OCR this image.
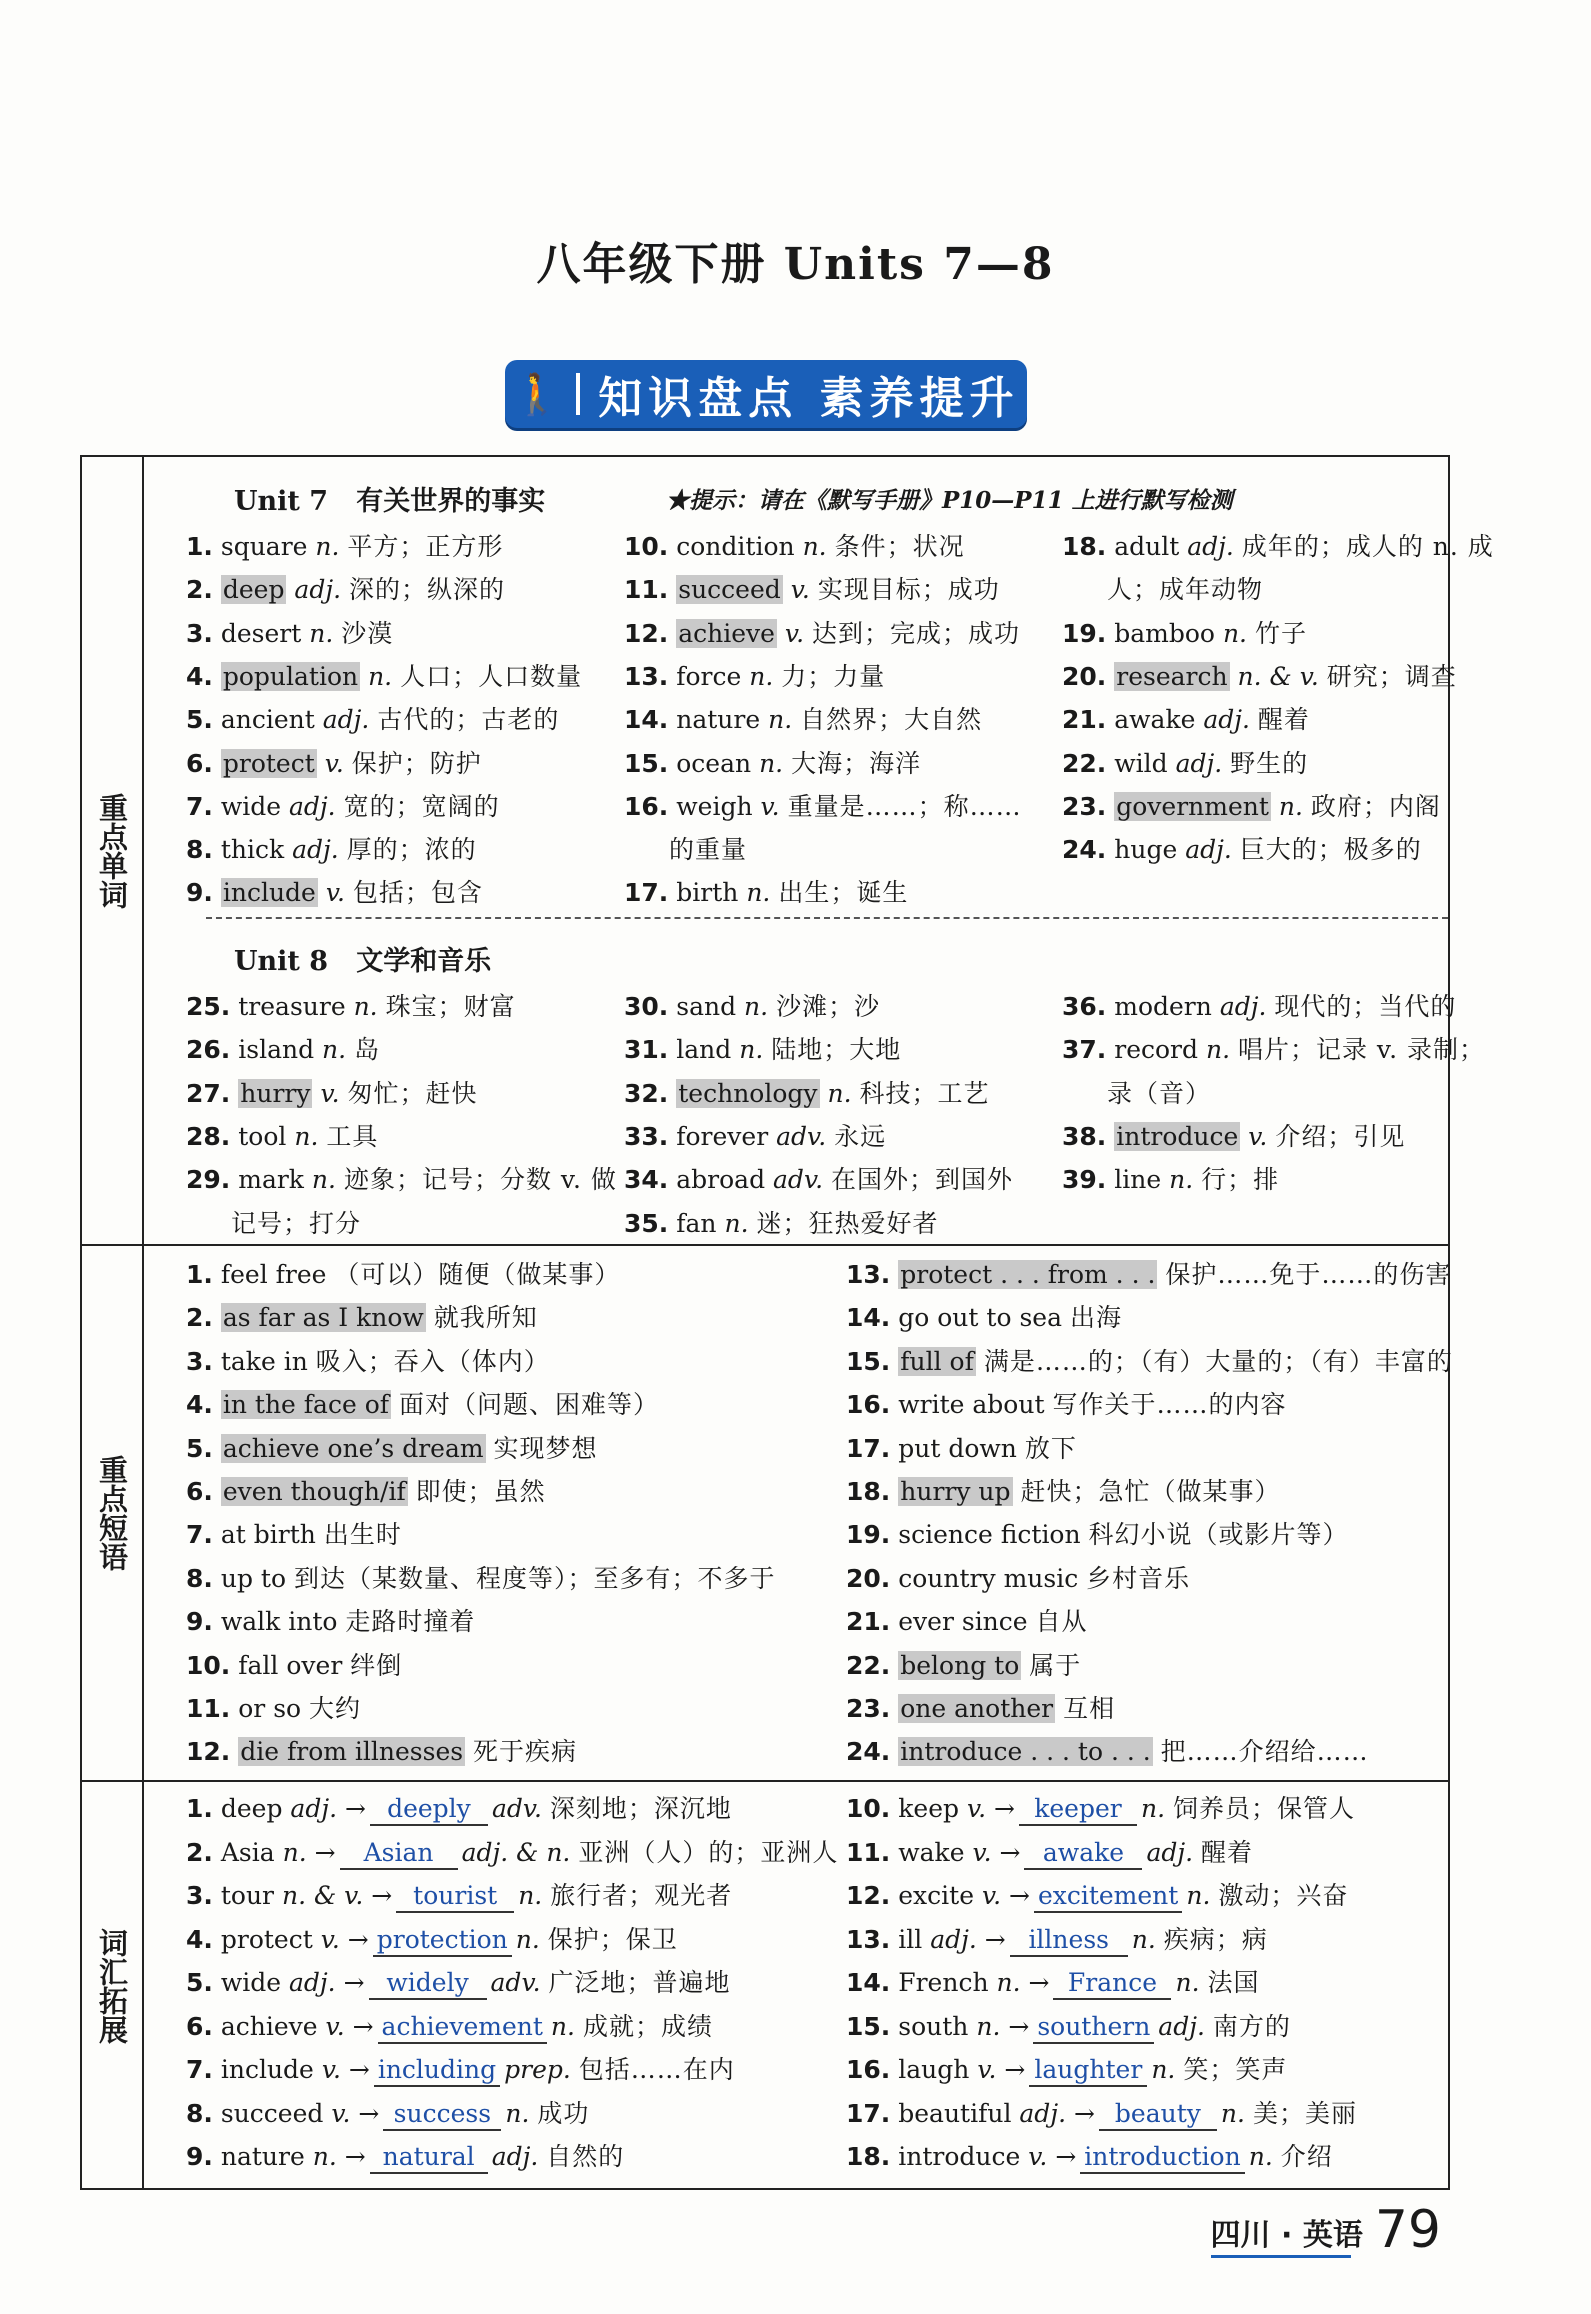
八年级下册 Units 7—8
🚶 知识盘点 素养提升
重点单词
Unit 7 有关世界的事实	★提示：请在《默写手册》P10—P11 上进行默写检测
Unit 8 文学和音乐
1. square n. 平方；正方形
2. deep adj. 深的；纵深的
3. desert n. 沙漠
4. population n. 人口；人口数量
5. ancient adj. 古代的；古老的
6. protect v. 保护；防护
7. wide adj. 宽的；宽阔的
8. thick adj. 厚的；浓的
9. include v. 包括；包含
10. condition n. 条件；状况
11. succeed v. 实现目标；成功
12. achieve v. 达到；完成；成功
13. force n. 力；力量
14. nature n. 自然界；大自然
15. ocean n. 大海；海洋
16. weigh v. 重量是……；称……
17. birth n. 出生；诞生
18. adult adj. 成年的；成人的 n. 成
19. bamboo n. 竹子
20. research n. & v. 研究；调查
21. awake adj. 醒着
22. wild adj. 野生的
23. government n. 政府；内阁
24. huge adj. 巨大的；极多的
的重量
人；成年动物
25. treasure n. 珠宝；财富
26. island n. 岛
27. hurry v. 匆忙；赶快
28. tool n. 工具
29. mark n. 迹象；记号；分数 v. 做
30. sand n. 沙滩；沙
31. land n. 陆地；大地
32. technology n. 科技；工艺
33. forever adv. 永远
34. abroad adv. 在国外；到国外
35. fan n. 迷；狂热爱好者
36. modern adj. 现代的；当代的
37. record n. 唱片；记录 v. 录制；
38. introduce v. 介绍；引见
39. line n. 行；排
记号；打分
录（音）
重点短语
1. feel free （可以）随便（做某事）
2. as far as I know 就我所知
3. take in 吸入；吞入（体内）
4. in the face of 面对（问题、困难等）
5. achieve one’s dream 实现梦想
6. even though/if 即使；虽然
7. at birth 出生时
8. up to 到达（某数量、程度等）；至多有；不多于
9. walk into 走路时撞着
10. fall over 绊倒
11. or so 大约
12. die from illnesses 死于疾病
13. protect . . . from . . . 保护……免于……的伤害
14. go out to sea 出海
15. full of 满是……的；（有）大量的；（有）丰富的
16. write about 写作关于……的内容
17. put down 放下
18. hurry up 赶快；急忙（做某事）
19. science fiction 科幻小说（或影片等）
20. country music 乡村音乐
21. ever since 自从
22. belong to 属于
23. one another 互相
24. introduce . . . to . . . 把……介绍给……
词汇拓展
1. deep adj. → deeply adv. 深刻地；深沉地
2. Asia n. → Asian adj. & n. 亚洲（人）的；亚洲人
3. tour n. & v. → tourist n. 旅行者；观光者
4. protect v. → protection n. 保护；保卫
5. wide adj. → widely adv. 广泛地；普遍地
6. achieve v. → achievement n. 成就；成绩
7. include v. → including prep. 包括……在内
8. succeed v. → success n. 成功
9. nature n. → natural adj. 自然的
10. keep v. → keeper n. 饲养员；保管人
11. wake v. → awake adj. 醒着
12. excite v. → excitement n. 激动；兴奋
13. ill adj. → illness n. 疾病；病
14. French n. → France n. 法国
15. south n. → southern adj. 南方的
16. laugh v. → laughter n. 笑；笑声
17. beautiful adj. → beauty n. 美；美丽
18. introduce v. → introduction n. 介绍
四川 · 英语 79
